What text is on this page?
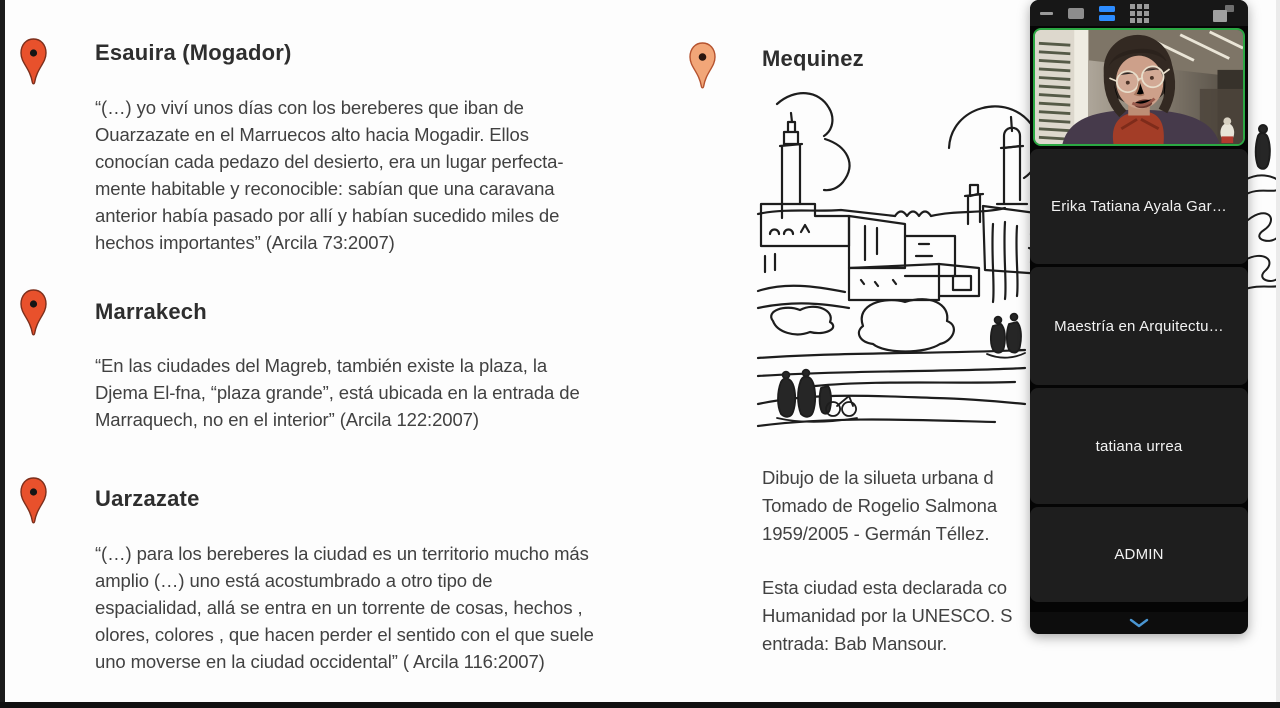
Esauira (Mogador)
“(…) yo viví unos días con los bereberes que iban de
Ouarzazate en el Marruecos alto hacia Mogadir. Ellos
conocían cada pedazo del desierto, era un lugar perfecta-
mente habitable y reconocible: sabían que una caravana
anterior había pasado por allí y habían sucedido miles de
hechos importantes” (Arcila 73:2007)
Marrakech
“En las ciudades del Magreb, también existe la plaza, la
Djema El-fna, “plaza grande”, está ubicada en la entrada de
Marraquech, no en el interior” (Arcila 122:2007)
Uarzazate
“(…) para los bereberes la ciudad es un territorio mucho más
amplio (…) uno está acostumbrado a otro tipo de
espacialidad, allá se entra en un torrente de cosas, hechos ,
olores, colores , que hacen perder el sentido con el que suele
uno moverse en la ciudad occidental” ( Arcila 116:2007)
Mequinez
Dibujo de la silueta urbana d
Tomado de Rogelio Salmona
1959/2005 - Germán Téllez.
Esta ciudad esta declarada co
Humanidad por la UNESCO. S
entrada: Bab Mansour.
Erika Tatiana Ayala Gar…
Maestría en Arquitectu…
tatiana urrea
ADMIN
